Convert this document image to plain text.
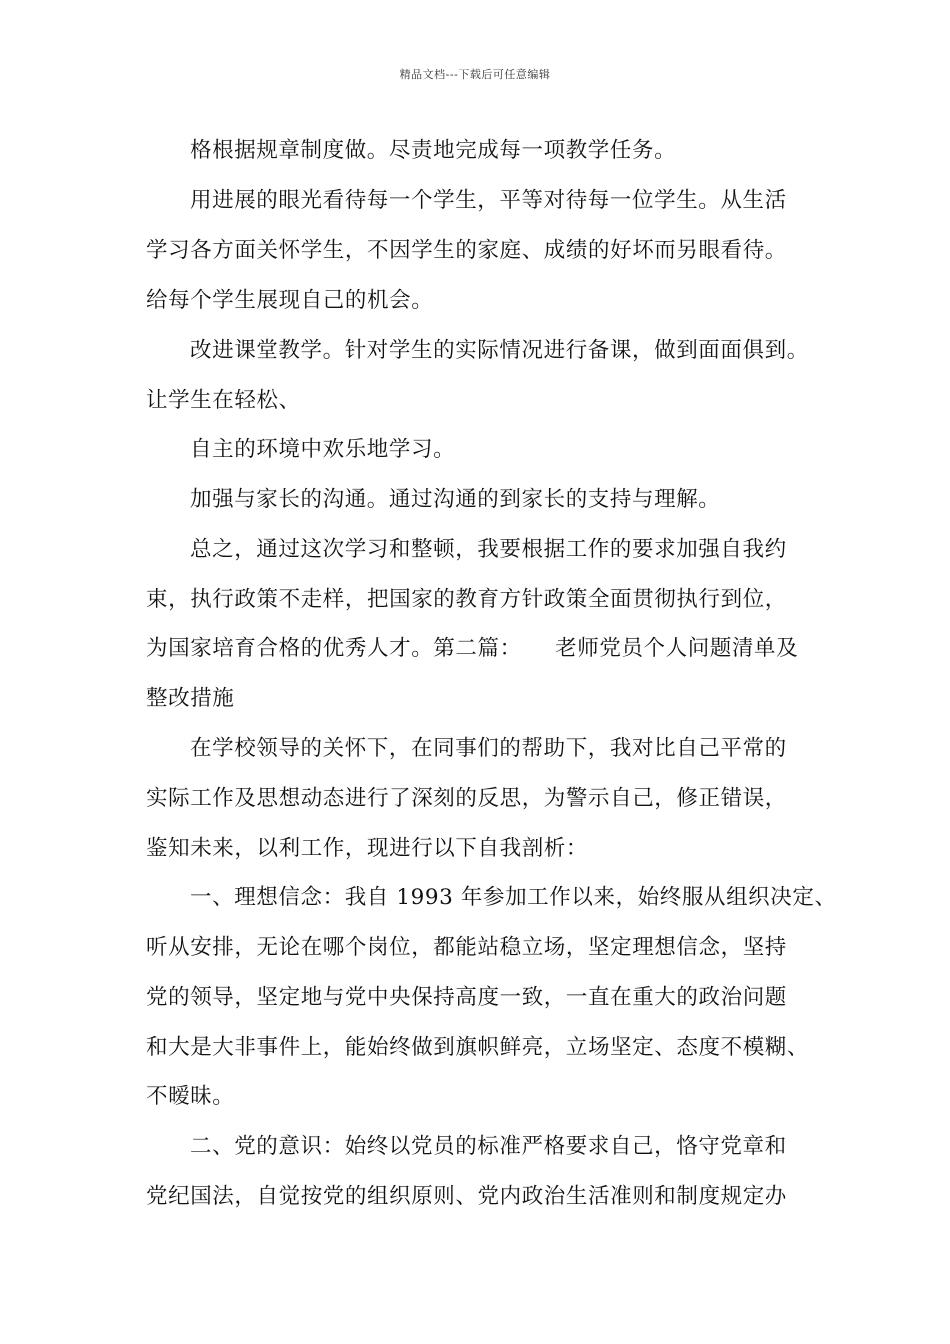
精品文档---下载后可任意编辑
格根据规章制度做。尽责地完成每一项教学任务。
用进展的眼光看待每一个学生，平等对待每一位学生。从生活
学习各方面关怀学生，不因学生的家庭、成绩的好坏而另眼看待。
给每个学生展现自己的机会。
改进课堂教学。针对学生的实际情况进行备课，做到面面俱到。
让学生在轻松、
自主的环境中欢乐地学习。
加强与家长的沟通。通过沟通的到家长的支持与理解。
总之，通过这次学习和整顿，我要根据工作的要求加强自我约
束，执行政策不走样，把国家的教育方针政策全面贯彻执行到位，
为国家培育合格的优秀人才。第二篇：　　老师党员个人问题清单及
整改措施
在学校领导的关怀下，在同事们的帮助下，我对比自己平常的
实际工作及思想动态进行了深刻的反思，为警示自己，修正错误，
鉴知未来，以利工作，现进行以下自我剖析：
一、理想信念：我自 1993 年参加工作以来，始终服从组织决定、
听从安排，无论在哪个岗位，都能站稳立场，坚定理想信念，坚持
党的领导，坚定地与党中央保持高度一致，一直在重大的政治问题
和大是大非事件上，能始终做到旗帜鲜亮，立场坚定、态度不模糊、
不暧昧。
二、党的意识：始终以党员的标准严格要求自己，恪守党章和
党纪国法，自觉按党的组织原则、党内政治生活准则和制度规定办
